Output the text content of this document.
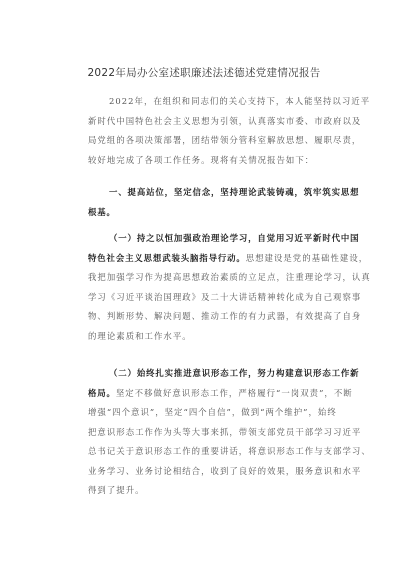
2022年局办公室述职廉述法述德述党建情况报告
2022年，在组织和同志们的关心支持下，本人能坚持以习近平
新时代中国特色社会主义思想为引领，认真落实市委、市政府以及
局党组的各项决策部署，团结带领分管科室解放思想、履职尽责，
较好地完成了各项工作任务。现将有关情况报告如下：
一、提高站位，坚定信念，坚持理论武装铸魂，筑牢筑实思想
根基。
（一）持之以恒加强政治理论学习，自觉用习近平新时代中国
特色社会主义思想武装头脑指导行动。思想建设是党的基础性建设，
我把加强学习作为提高思想政治素质的立足点，注重理论学习，认真
学习《习近平谈治国理政》及二十大讲话精神转化成为自己观察事
物、判断形势、解决问题、推动工作的有力武器，有效提高了自身
的理论素质和工作水平。
（二）始终扎实推进意识形态工作，努力构建意识形态工作新
格局。坚定不移做好意识形态工作，严格履行“一岗双责”，不断
增强“四个意识”，坚定“四个自信”，做到“两个维护”，始终
把意识形态工作作为头等大事来抓，带领支部党员干部学习习近平
总书记关于意识形态工作的重要讲话，将意识形态工作与支部学习、
业务学习、业务讨论相结合，收到了良好的效果，服务意识和水平
得到了提升。
